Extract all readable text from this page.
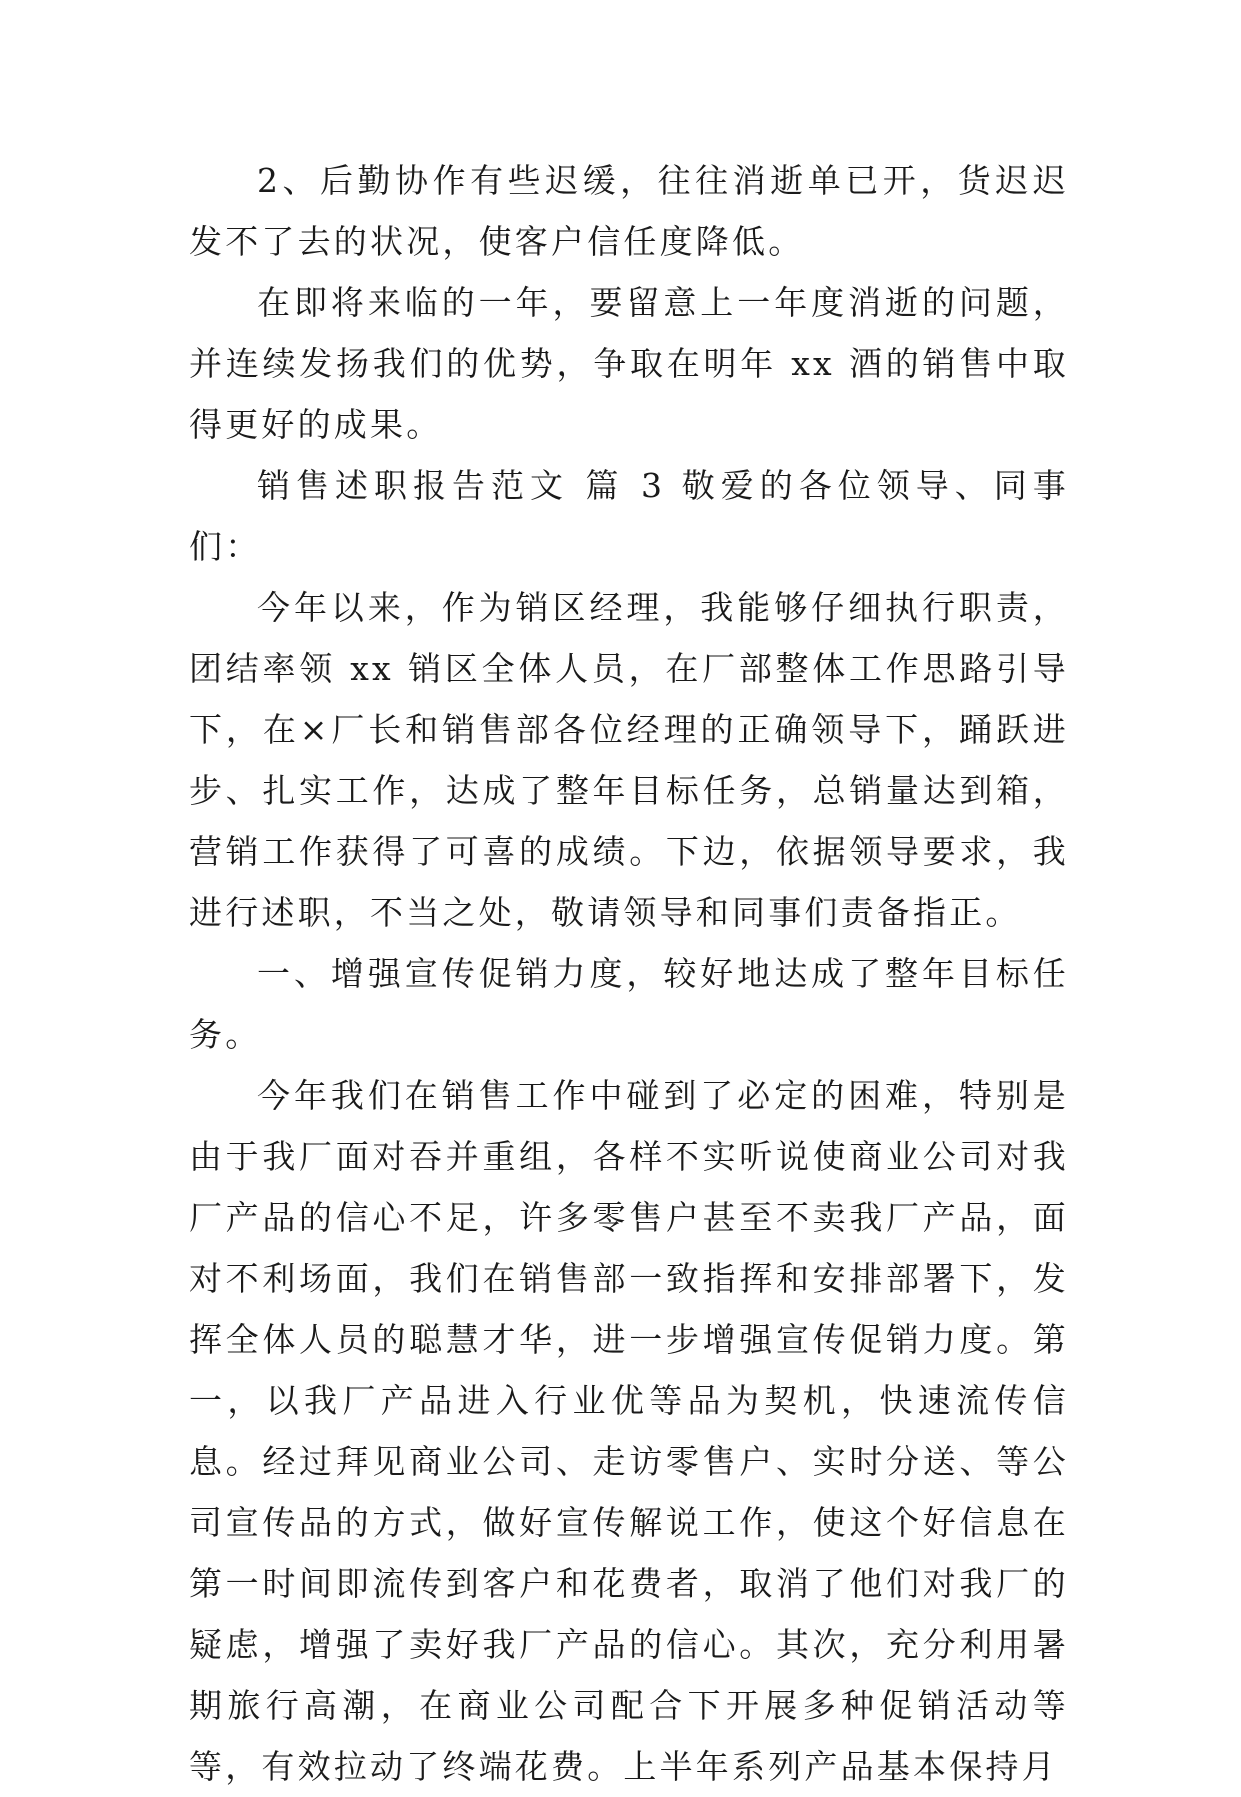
2、后勤协作有些迟缓，往往消逝单已开，货迟迟发不了去的状况，使客户信任度降低。

在即将来临的一年，要留意上一年度消逝的问题，并连续发扬我们的优势，争取在明年 xx 酒的销售中取得更好的成果。

销售述职报告范文 篇 3 敬爱的各位领导、同事们：

今年以来，作为销区经理，我能够仔细执行职责，团结率领 xx 销区全体人员，在厂部整体工作思路引导下，在×厂长和销售部各位经理的正确领导下，踊跃进步、扎实工作，达成了整年目标任务，总销量达到箱，营销工作获得了可喜的成绩。下边，依据领导要求，我进行述职，不当之处，敬请领导和同事们责备指正。

一、增强宣传促销力度，较好地达成了整年目标任务。

今年我们在销售工作中碰到了必定的困难，特别是由于我厂面对吞并重组，各样不实听说使商业公司对我厂产品的信心不足，许多零售户甚至不卖我厂产品，面对不利场面，我们在销售部一致指挥和安排部署下，发挥全体人员的聪慧才华，进一步增强宣传促销力度。第一，以我厂产品进入行业优等品为契机，快速流传信息。经过拜见商业公司、走访零售户、实时分送、等公司宣传品的方式，做好宣传解说工作，使这个好信息在第一时间即流传到客户和花费者，取消了他们对我厂的疑虑，增强了卖好我厂产品的信心。其次，充分利用暑期旅行高潮，在商业公司配合下开展多种促销活动等等，有效拉动了终端花费。上半年系列产品基本保持月
